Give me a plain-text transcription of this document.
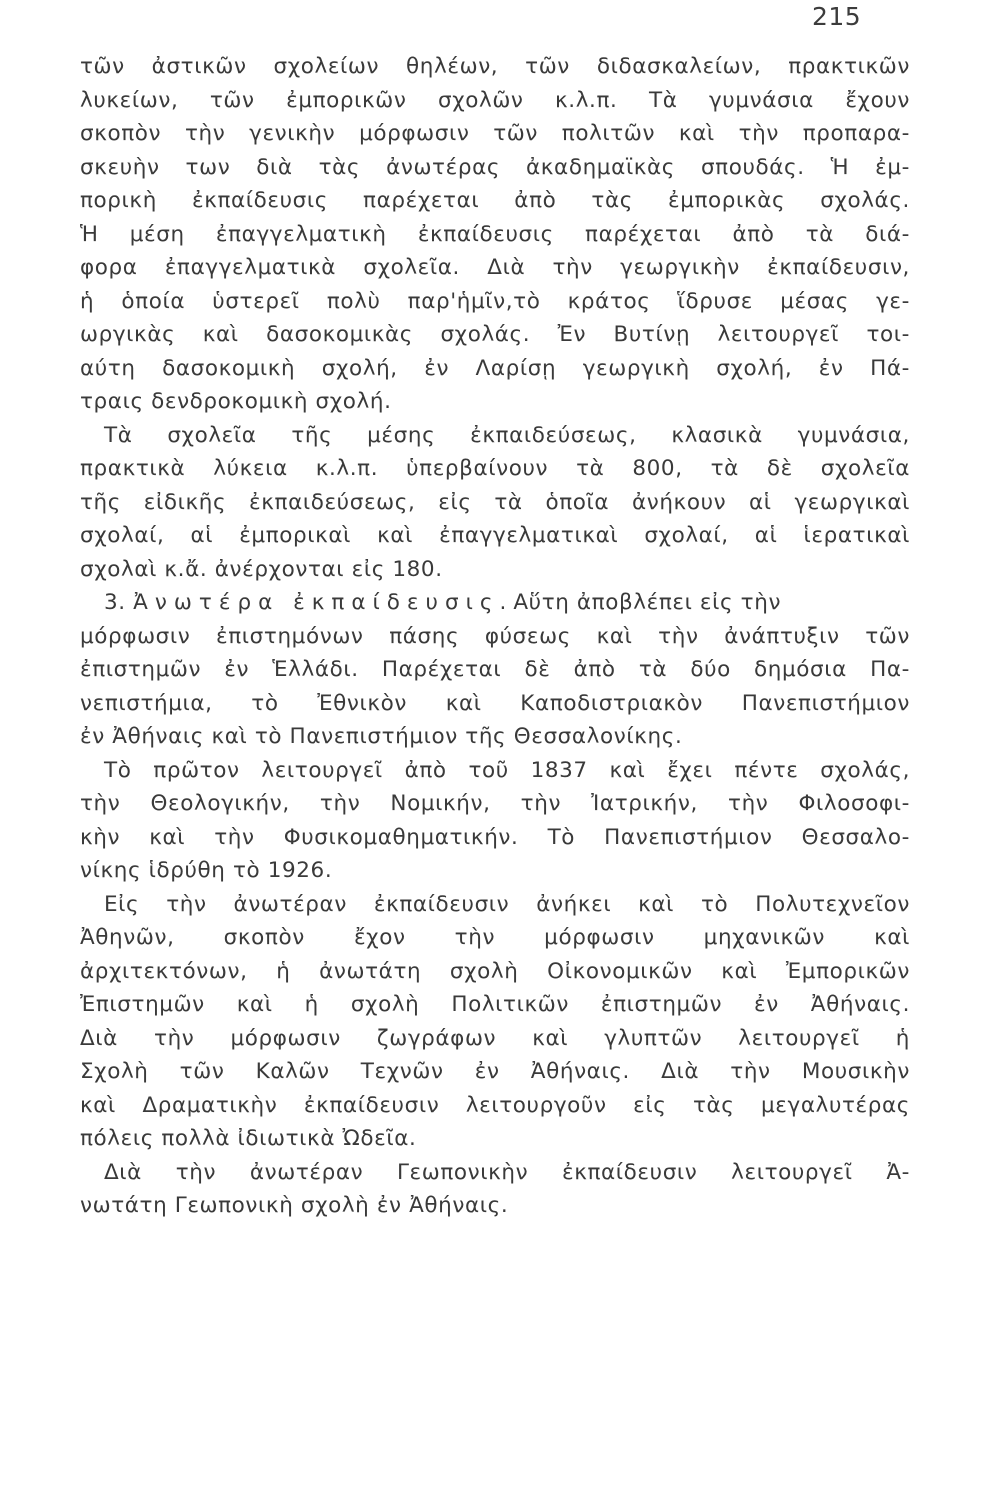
215
τῶν ἀστικῶν σχολείων θηλέων, τῶν διδασκαλείων, πρακτικῶν
λυκείων, τῶν ἐμπορικῶν σχολῶν κ.λ.π. Τὰ γυμνάσια ἔχουν
σκοπὸν τὴν γενικὴν μόρφωσιν τῶν πολιτῶν καὶ τὴν προπαρα-
σκευὴν των διὰ τὰς ἀνωτέρας ἀκαδημαϊκὰς σπουδάς. Ἡ ἐμ-
πορικὴ ἐκπαίδευσις παρέχεται ἀπὸ τὰς ἐμπορικὰς σχολάς.
Ἡ μέση ἐπαγγελματικὴ ἐκπαίδευσις παρέχεται ἀπὸ τὰ διά-
φορα ἐπαγγελματικὰ σχολεῖα. Διὰ τὴν γεωργικὴν ἐκπαίδευσιν,
ἡ ὁποία ὑστερεῖ πολὺ παρ'ἡμῖν,τὸ κράτος ἵδρυσε μέσας γε-
ωργικὰς καὶ δασοκομικὰς σχολάς. Ἐν Βυτίνῃ λειτουργεῖ τοι-
αύτη δασοκομικὴ σχολή, ἐν Λαρίσῃ γεωργικὴ σχολή, ἐν Πά-
τραις δενδροκομικὴ σχολή.
Τὰ σχολεῖα τῆς μέσης ἐκπαιδεύσεως, κλασικὰ γυμνάσια,
πρακτικὰ λύκεια κ.λ.π. ὑπερβαίνουν τὰ 800, τὰ δὲ σχολεῖα
τῆς εἰδικῆς ἐκπαιδεύσεως, εἰς τὰ ὁποῖα ἀνήκουν αἱ γεωργικαὶ
σχολαί, αἱ ἐμπορικαὶ καὶ ἐπαγγελματικαὶ σχολαί, αἱ ἱερατικαὶ
σχολαὶ κ.ἄ. ἀνέρχονται εἰς 180.
3. Ἀνωτέρα ἐκπαίδευσις.Αὕτη ἀποβλέπει εἰς τὴν
μόρφωσιν ἐπιστημόνων πάσης φύσεως καὶ τὴν ἀνάπτυξιν τῶν
ἐπιστημῶν ἐν Ἑλλάδι. Παρέχεται δὲ ἀπὸ τὰ δύο δημόσια Πα-
νεπιστήμια, τὸ Ἐθνικὸν καὶ Καποδιστριακὸν Πανεπιστήμιον
ἐν Ἀθήναις καὶ τὸ Πανεπιστήμιον τῆς Θεσσαλονίκης.
Τὸ πρῶτον λειτουργεῖ ἀπὸ τοῦ 1837 καὶ ἔχει πέντε σχολάς,
τὴν Θεολογικήν, τὴν Νομικήν, τὴν Ἰατρικήν, τὴν Φιλοσοφι-
κὴν καὶ τὴν Φυσικομαθηματικήν. Τὸ Πανεπιστήμιον Θεσσαλο-
νίκης ἱδρύθη τὸ 1926.
Εἰς τὴν ἀνωτέραν ἐκπαίδευσιν ἀνήκει καὶ τὸ Πολυτεχνεῖον
Ἀθηνῶν, σκοπὸν ἔχον τὴν μόρφωσιν μηχανικῶν καὶ
ἀρχιτεκτόνων, ἡ ἀνωτάτη σχολὴ Οἰκονομικῶν καὶ Ἐμπορικῶν
Ἐπιστημῶν καὶ ἡ σχολὴ Πολιτικῶν ἐπιστημῶν ἐν Ἀθήναις.
Διὰ τὴν μόρφωσιν ζωγράφων καὶ γλυπτῶν λειτουργεῖ ἡ
Σχολὴ τῶν Καλῶν Τεχνῶν ἐν Ἀθήναις. Διὰ τὴν Μουσικὴν
καὶ Δραματικὴν ἐκπαίδευσιν λειτουργοῦν εἰς τὰς μεγαλυτέρας
πόλεις πολλὰ ἰδιωτικὰ Ὠδεῖα.
Διὰ τὴν ἀνωτέραν Γεωπονικὴν ἐκπαίδευσιν λειτουργεῖ Ἀ-
νωτάτη Γεωπονικὴ σχολὴ ἐν Ἀθήναις.
